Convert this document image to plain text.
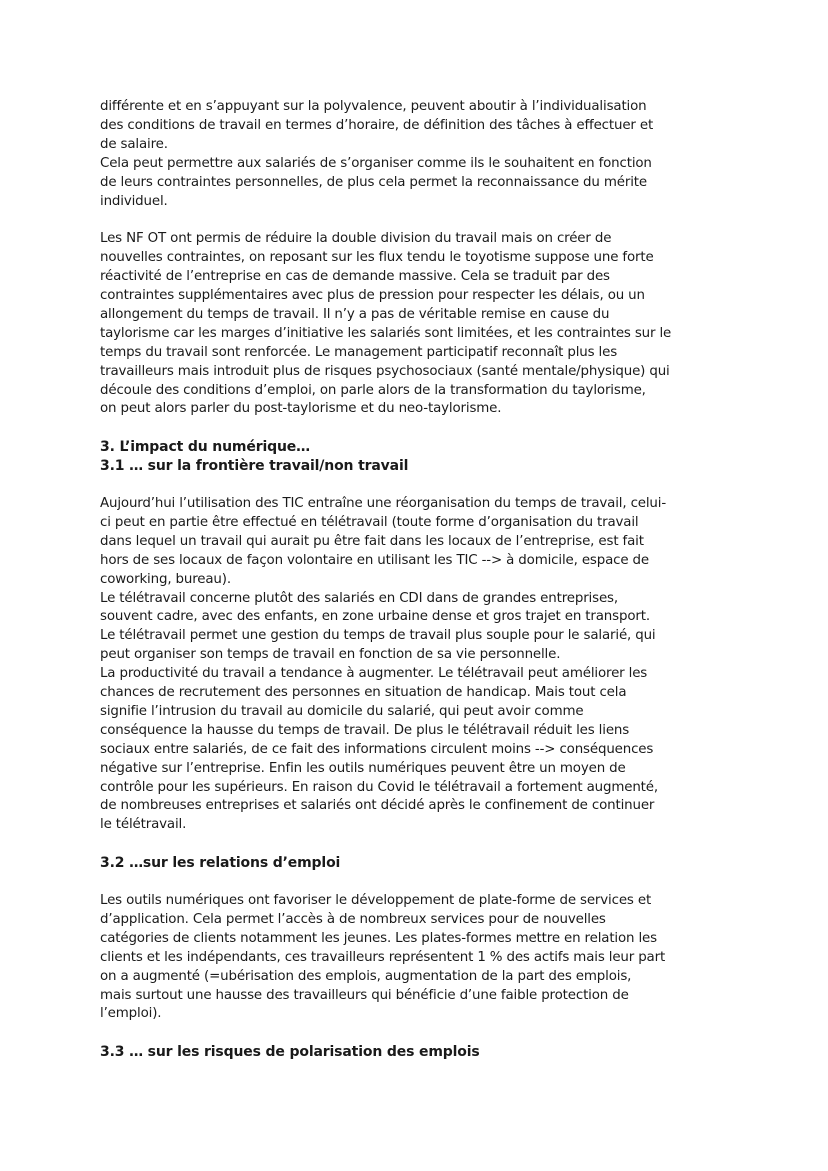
différente et en s’appuyant sur la polyvalence, peuvent aboutir à l’individualisation
des conditions de travail en termes d’horaire, de définition des tâches à effectuer et
de salaire.
Cela peut permettre aux salariés de s’organiser comme ils le souhaitent en fonction
de leurs contraintes personnelles, de plus cela permet la reconnaissance du mérite
individuel.
Les NF OT ont permis de réduire la double division du travail mais on créer de
nouvelles contraintes, on reposant sur les flux tendu le toyotisme suppose une forte
réactivité de l’entreprise en cas de demande massive. Cela se traduit par des
contraintes supplémentaires avec plus de pression pour respecter les délais, ou un
allongement du temps de travail. Il n’y a pas de véritable remise en cause du
taylorisme car les marges d’initiative les salariés sont limitées, et les contraintes sur le
temps du travail sont renforcée. Le management participatif reconnaît plus les
travailleurs mais introduit plus de risques psychosociaux (santé mentale/physique) qui
découle des conditions d’emploi, on parle alors de la transformation du taylorisme,
on peut alors parler du post-taylorisme et du neo-taylorisme.
3. L’impact du numérique…
3.1 … sur la frontière travail/non travail
Aujourd’hui l’utilisation des TIC entraîne une réorganisation du temps de travail, celui-
ci peut en partie être effectué en télétravail (toute forme d’organisation du travail
dans lequel un travail qui aurait pu être fait dans les locaux de l’entreprise, est fait
hors de ses locaux de façon volontaire en utilisant les TIC --> à domicile, espace de
coworking, bureau).
Le télétravail concerne plutôt des salariés en CDI dans de grandes entreprises,
souvent cadre, avec des enfants, en zone urbaine dense et gros trajet en transport.
Le télétravail permet une gestion du temps de travail plus souple pour le salarié, qui
peut organiser son temps de travail en fonction de sa vie personnelle.
La productivité du travail a tendance à augmenter. Le télétravail peut améliorer les
chances de recrutement des personnes en situation de handicap. Mais tout cela
signifie l’intrusion du travail au domicile du salarié, qui peut avoir comme
conséquence la hausse du temps de travail. De plus le télétravail réduit les liens
sociaux entre salariés, de ce fait des informations circulent moins --> conséquences
négative sur l’entreprise. Enfin les outils numériques peuvent être un moyen de
contrôle pour les supérieurs. En raison du Covid le télétravail a fortement augmenté,
de nombreuses entreprises et salariés ont décidé après le confinement de continuer
le télétravail.
3.2 …sur les relations d’emploi
Les outils numériques ont favoriser le développement de plate-forme de services et
d’application. Cela permet l’accès à de nombreux services pour de nouvelles
catégories de clients notamment les jeunes. Les plates-formes mettre en relation les
clients et les indépendants, ces travailleurs représentent 1 % des actifs mais leur part
on a augmenté (=ubérisation des emplois, augmentation de la part des emplois,
mais surtout une hausse des travailleurs qui bénéficie d’une faible protection de
l’emploi).
3.3 … sur les risques de polarisation des emplois
